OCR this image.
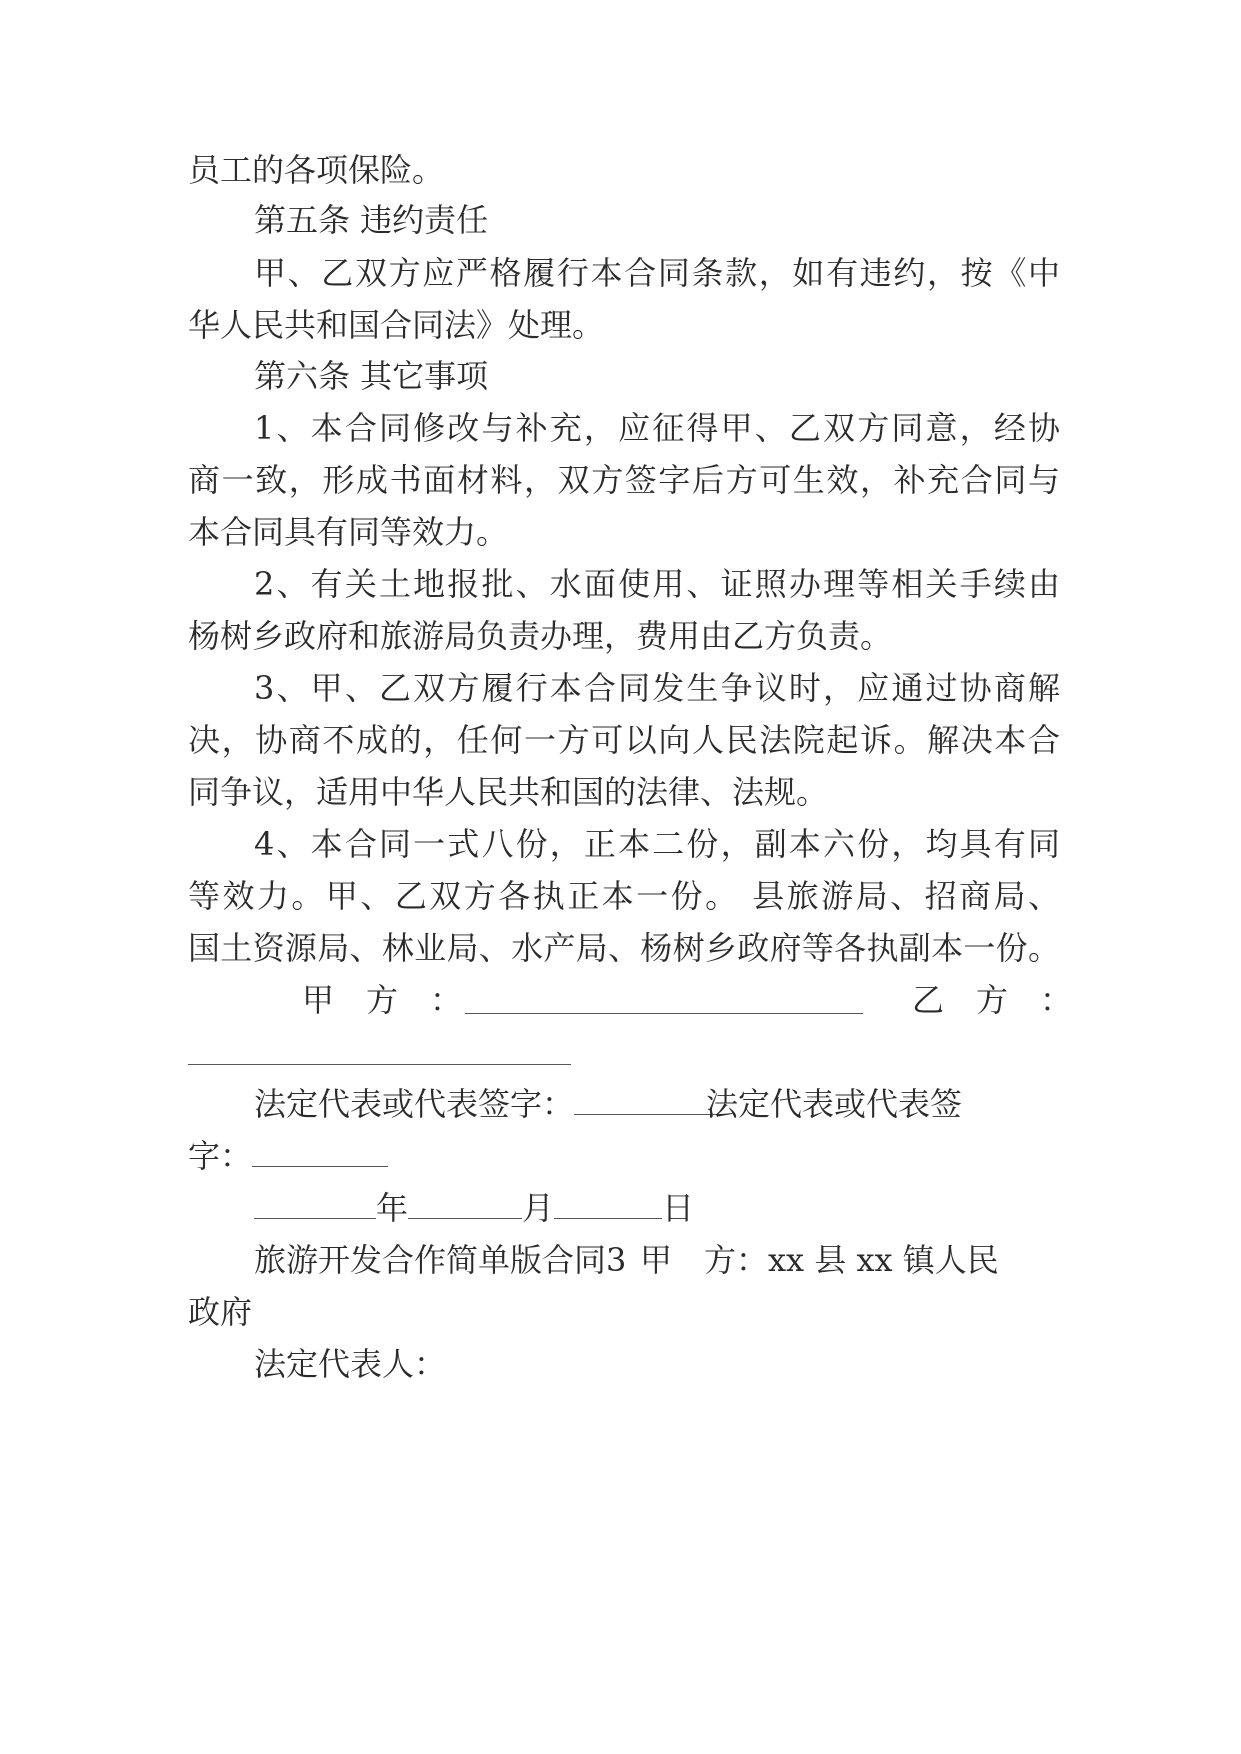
员工的各项保险。
第五条 违约责任
甲、乙双方应严格履行本合同条款，如有违约，按《中
华人民共和国合同法》处理。
第六条 其它事项
1、本合同修改与补充，应征得甲、乙双方同意，经协
商一致，形成书面材料，双方签字后方可生效，补充合同与
本合同具有同等效力。
2、有关土地报批、水面使用、证照办理等相关手续由
杨树乡政府和旅游局负责办理，费用由乙方负责。
3、甲、乙双方履行本合同发生争议时，应通过协商解
决，协商不成的，任何一方可以向人民法院起诉。解决本合
同争议，适用中华人民共和国的法律、法规。
4、本合同一式八份，正本二份，副本六份，均具有同
等效力。甲、乙双方各执正本一份。 县旅游局、招商局、
国土资源局、林业局、水产局、杨树乡政府等各执副本一份。
甲　方　：	乙　方　：
法定代表或代表签字：	法定代表或代表签
字：
年	月	日
旅游开发合作简单版合同3 甲　方：xx 县 xx 镇人民
政府
法定代表人：
